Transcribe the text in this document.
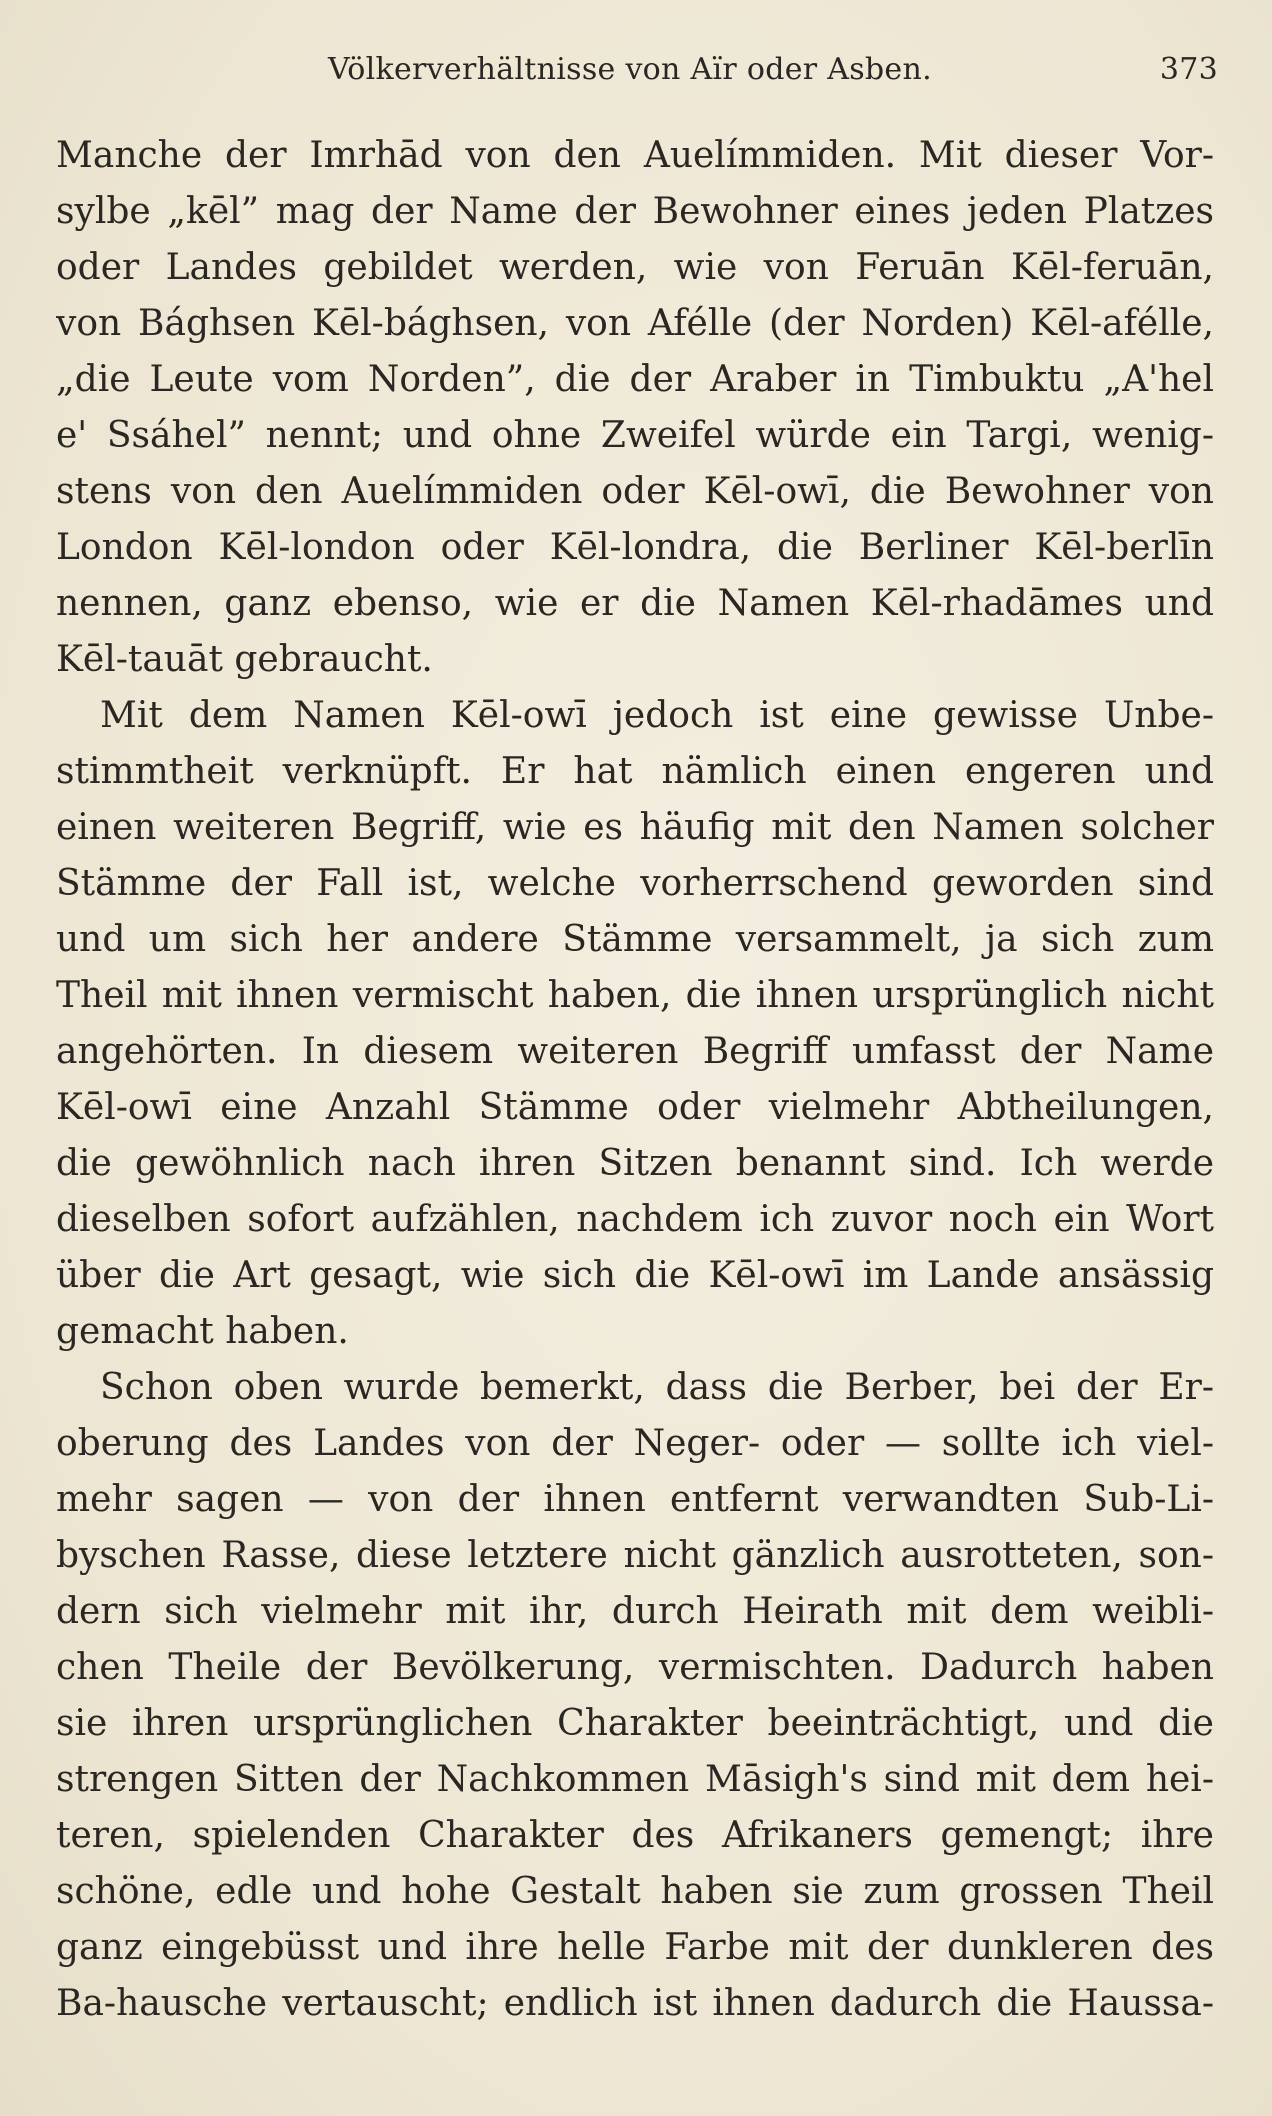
Völkerverhältnisse von Aïr oder Asben.	373
Manche der Imrhād von den Auelímmiden. Mit dieser Vor-
sylbe „kēl” mag der Name der Bewohner eines jeden Platzes
oder Landes gebildet werden, wie von Feruān Kēl-feruān,
von Bághsen Kēl-bághsen, von Afélle (der Norden) Kēl-afélle,
„die Leute vom Norden”, die der Araber in Timbuktu „A'hel
e' Ssáhel” nennt; und ohne Zweifel würde ein Targi, wenig-
stens von den Auelímmiden oder Kēl-owī, die Bewohner von
London Kēl-london oder Kēl-londra, die Berliner Kēl-berlīn
nennen, ganz ebenso, wie er die Namen Kēl-rhadāmes und
Kēl-tauāt gebraucht.
Mit dem Namen Kēl-owī jedoch ist eine gewisse Unbe-
stimmtheit verknüpft. Er hat nämlich einen engeren und
einen weiteren Begriff, wie es häufig mit den Namen solcher
Stämme der Fall ist, welche vorherrschend geworden sind
und um sich her andere Stämme versammelt, ja sich zum
Theil mit ihnen vermischt haben, die ihnen ursprünglich nicht
angehörten. In diesem weiteren Begriff umfasst der Name
Kēl-owī eine Anzahl Stämme oder vielmehr Abtheilungen,
die gewöhnlich nach ihren Sitzen benannt sind. Ich werde
dieselben sofort aufzählen, nachdem ich zuvor noch ein Wort
über die Art gesagt, wie sich die Kēl-owī im Lande ansässig
gemacht haben.
Schon oben wurde bemerkt, dass die Berber, bei der Er-
oberung des Landes von der Neger- oder — sollte ich viel-
mehr sagen — von der ihnen entfernt verwandten Sub-Li-
byschen Rasse, diese letztere nicht gänzlich ausrotteten, son-
dern sich vielmehr mit ihr, durch Heirath mit dem weibli-
chen Theile der Bevölkerung, vermischten. Dadurch haben
sie ihren ursprünglichen Charakter beeinträchtigt, und die
strengen Sitten der Nachkommen Māsigh's sind mit dem hei-
teren, spielenden Charakter des Afrikaners gemengt; ihre
schöne, edle und hohe Gestalt haben sie zum grossen Theil
ganz eingebüsst und ihre helle Farbe mit der dunkleren des
Ba-hausche vertauscht; endlich ist ihnen dadurch die Haussa-
